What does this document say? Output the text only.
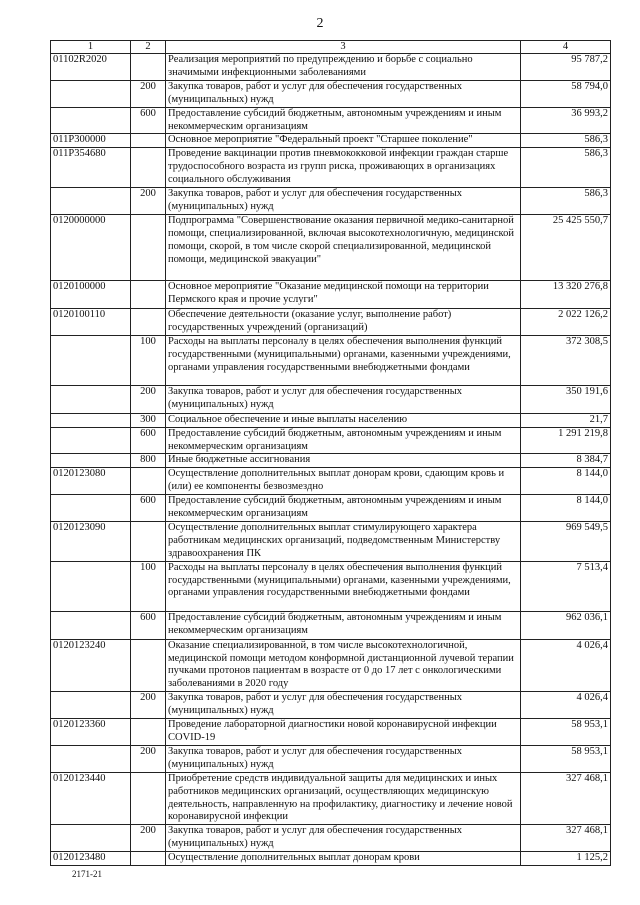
2
1	2	3	4
01102R2020		Реализация мероприятий по предупреждению и борьбе с социально значимыми инфекционными заболеваниями	95 787,2
	200	Закупка товаров, работ и услуг для обеспечения государственных (муниципальных) нужд	58 794,0
	600	Предоставление субсидий бюджетным, автономным учреждениям и иным некоммерческим организациям	36 993,2
011P300000		Основное мероприятие "Федеральный проект "Старшее поколение"	586,3
011P354680		Проведение вакцинации против пневмококковой инфекции граждан старше трудоспособного возраста из групп риска, проживающих в организациях социального обслуживания	586,3
	200	Закупка товаров, работ и услуг для обеспечения государственных (муниципальных) нужд	586,3
0120000000		Подпрограмма "Совершенствование оказания первичной медико-санитарной помощи, специализированной, включая высокотехнологичную, медицинской помощи, скорой, в том числе скорой специализированной, медицинской помощи, медицинской эвакуации"	25 425 550,7
0120100000		Основное мероприятие "Оказание медицинской помощи на территории Пермского края и прочие услуги"	13 320 276,8
0120100110		Обеспечение деятельности (оказание услуг, выполнение работ) государственных учреждений (организаций)	2 022 126,2
	100	Расходы на выплаты персоналу в целях обеспечения выполнения функций государственными (муниципальными) органами, казенными учреждениями, органами управления государственными внебюджетными фондами	372 308,5
	200	Закупка товаров, работ и услуг для обеспечения государственных (муниципальных) нужд	350 191,6
	300	Социальное обеспечение и иные выплаты населению	21,7
	600	Предоставление субсидий бюджетным, автономным учреждениям и иным некоммерческим организациям	1 291 219,8
	800	Иные бюджетные ассигнования	8 384,7
0120123080		Осуществление дополнительных выплат донорам крови, сдающим кровь и (или) ее компоненты безвозмездно	8 144,0
	600	Предоставление субсидий бюджетным, автономным учреждениям и иным некоммерческим организациям	8 144,0
0120123090		Осуществление дополнительных выплат стимулирующего характера работникам медицинских организаций, подведомственным Министерству здравоохранения ПК	969 549,5
	100	Расходы на выплаты персоналу в целях обеспечения выполнения функций государственными (муниципальными) органами, казенными учреждениями, органами управления государственными внебюджетными фондами	7 513,4
	600	Предоставление субсидий бюджетным, автономным учреждениям и иным некоммерческим организациям	962 036,1
0120123240		Оказание специализированной, в том числе высокотехнологичной, медицинской помощи методом конформной дистанционной лучевой терапии пучками протонов пациентам в возрасте от 0 до 17 лет с онкологическими заболеваниями в 2020 году	4 026,4
	200	Закупка товаров, работ и услуг для обеспечения государственных (муниципальных) нужд	4 026,4
0120123360		Проведение лабораторной диагностики новой коронавирусной инфекции COVID-19	58 953,1
	200	Закупка товаров, работ и услуг для обеспечения государственных (муниципальных) нужд	58 953,1
0120123440		Приобретение средств индивидуальной защиты для медицинских и иных работников медицинских организаций, осуществляющих медицинскую деятельность, направленную на профилактику, диагностику и лечение новой коронавирусной инфекции	327 468,1
	200	Закупка товаров, работ и услуг для обеспечения государственных (муниципальных) нужд	327 468,1
0120123480		Осуществление дополнительных выплат донорам крови	1 125,2
2171-21
